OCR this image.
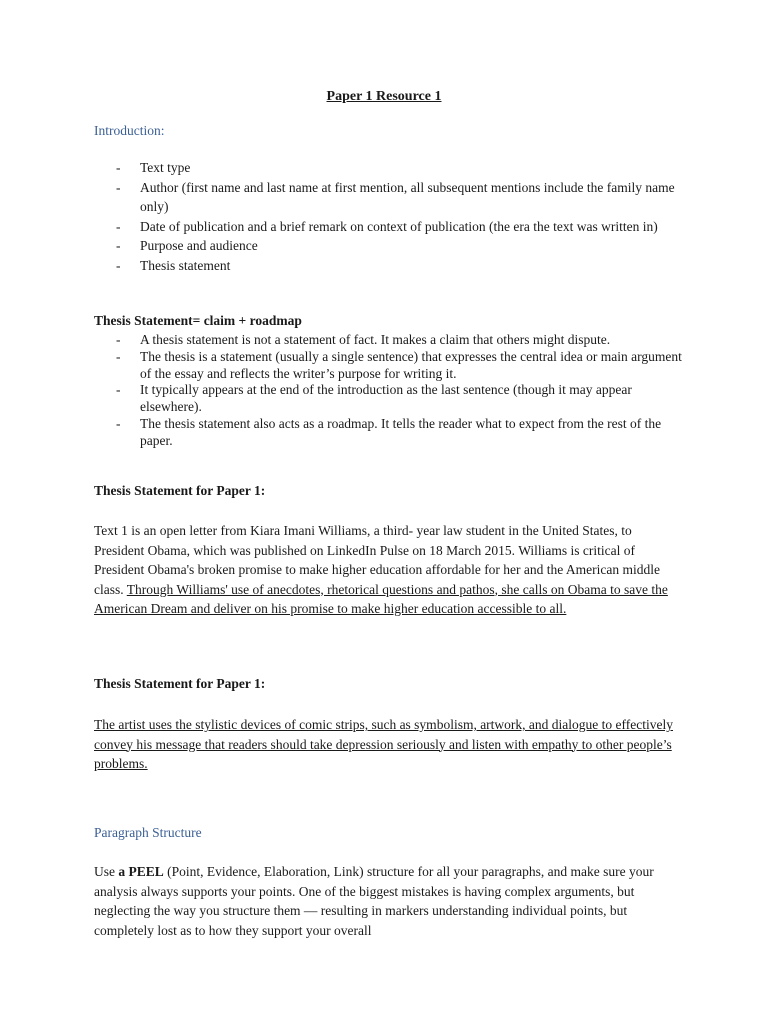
Paper 1 Resource 1
Introduction:
- Text type
- Author (first name and last name at first mention, all subsequent mentions include the family name only)
- Date of publication and a brief remark on context of publication (the era the text was written in)
- Purpose and audience
- Thesis statement
Thesis Statement= claim + roadmap
- A thesis statement is not a statement of fact. It makes a claim that others might dispute.
- The thesis is a statement (usually a single sentence) that expresses the central idea or main argument of the essay and reflects the writer’s purpose for writing it.
- It typically appears at the end of the introduction as the last sentence (though it may appear elsewhere).
- The thesis statement also acts as a roadmap. It tells the reader what to expect from the rest of the paper.
Thesis Statement for Paper 1:

Text 1 is an open letter from Kiara Imani Williams, a third- year law student in the United States, to President Obama, which was published on LinkedIn Pulse on 18 March 2015. Williams is critical of President Obama's broken promise to make higher education affordable for her and the American middle class. Through Williams' use of anecdotes, rhetorical questions and pathos, she calls on Obama to save the American Dream and deliver on his promise to make higher education accessible to all.

Thesis Statement for Paper 1:

The artist uses the stylistic devices of comic strips, such as symbolism, artwork, and dialogue to effectively convey his message that readers should take depression seriously and listen with empathy to other people’s problems.

Paragraph Structure

Use a PEEL (Point, Evidence, Elaboration, Link) structure for all your paragraphs, and make sure your analysis always supports your points. One of the biggest mistakes is having complex arguments, but neglecting the way you structure them — resulting in markers understanding individual points, but completely lost as to how they support your overall
